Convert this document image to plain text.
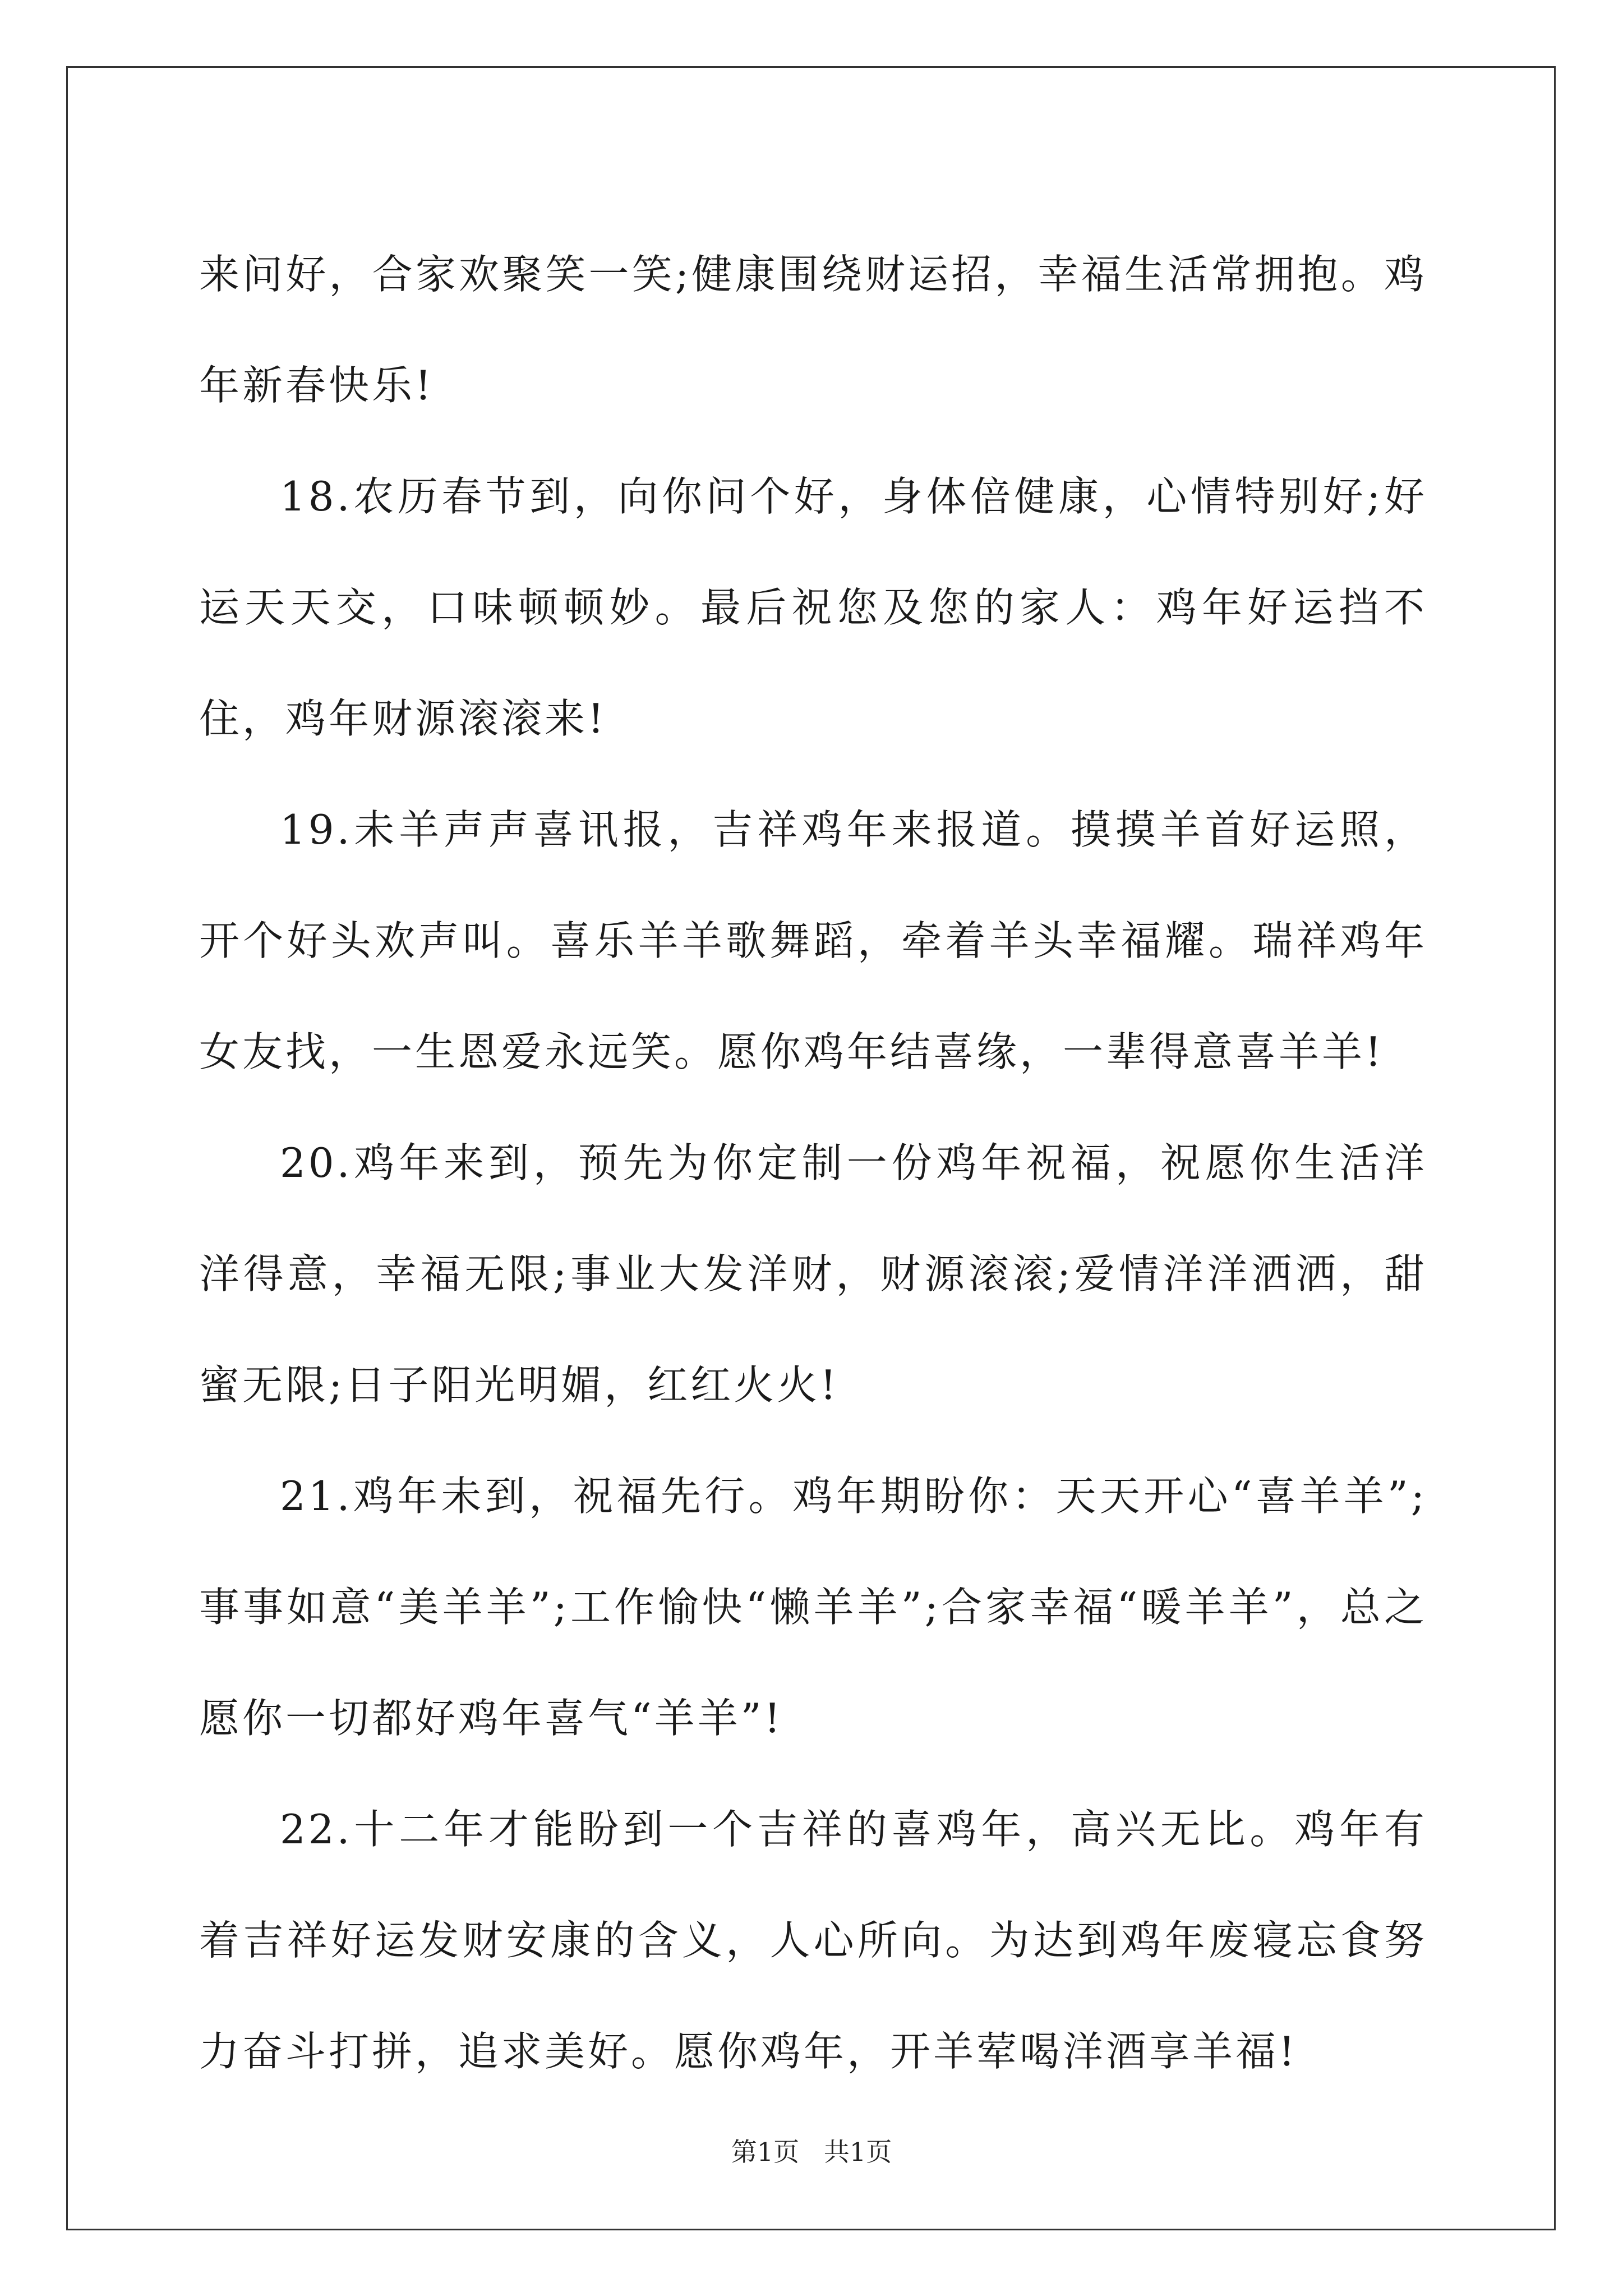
来问好，合家欢聚笑一笑;健康围绕财运招，幸福生活常拥抱。鸡年新春快乐!

18.农历春节到，向你问个好，身体倍健康，心情特别好;好运天天交，口味顿顿妙。最后祝您及您的家人：鸡年好运挡不住，鸡年财源滚滚来!

19.未羊声声喜讯报，吉祥鸡年来报道。摸摸羊首好运照，开个好头欢声叫。喜乐羊羊歌舞蹈，牵着羊头幸福耀。瑞祥鸡年女友找，一生恩爱永远笑。愿你鸡年结喜缘，一辈得意喜羊羊!

20.鸡年来到，预先为你定制一份鸡年祝福，祝愿你生活洋洋得意，幸福无限;事业大发洋财，财源滚滚;爱情洋洋洒洒，甜蜜无限;日子阳光明媚，红红火火!

21.鸡年未到，祝福先行。鸡年期盼你：天天开心“喜羊羊”;事事如意“美羊羊”;工作愉快“懒羊羊”;合家幸福“暖羊羊”，总之愿你一切都好鸡年喜气“羊羊”!

22.十二年才能盼到一个吉祥的喜鸡年，高兴无比。鸡年有着吉祥好运发财安康的含义，人心所向。为达到鸡年废寝忘食努力奋斗打拼，追求美好。愿你鸡年，开羊荤喝洋酒享羊福!

第1页   共1页
